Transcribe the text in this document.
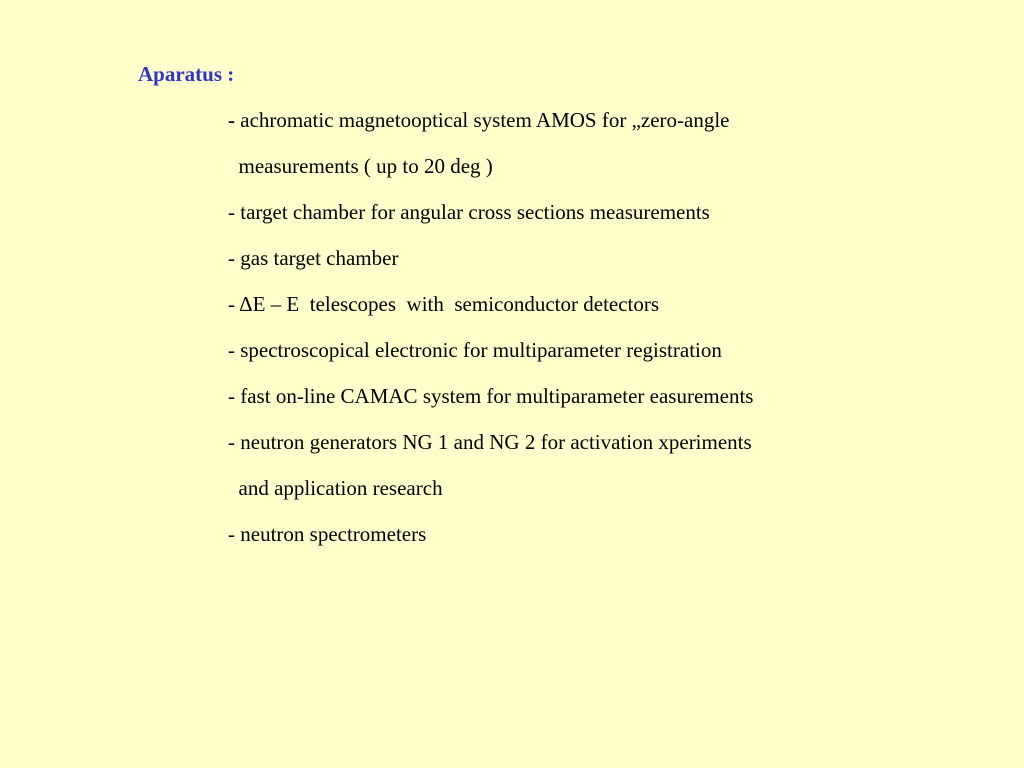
Aparatus :
- achromatic magnetooptical system AMOS for „zero-angle
measurements ( up to 20 deg )
- target chamber for angular cross sections measurements
- gas target chamber
- ΔE – E  telescopes  with  semiconductor detectors
- spectroscopical electronic for multiparameter registration
- fast on-line CAMAC system for multiparameter easurements
- neutron generators NG 1 and NG 2 for activation xperiments
and application research
- neutron spectrometers
